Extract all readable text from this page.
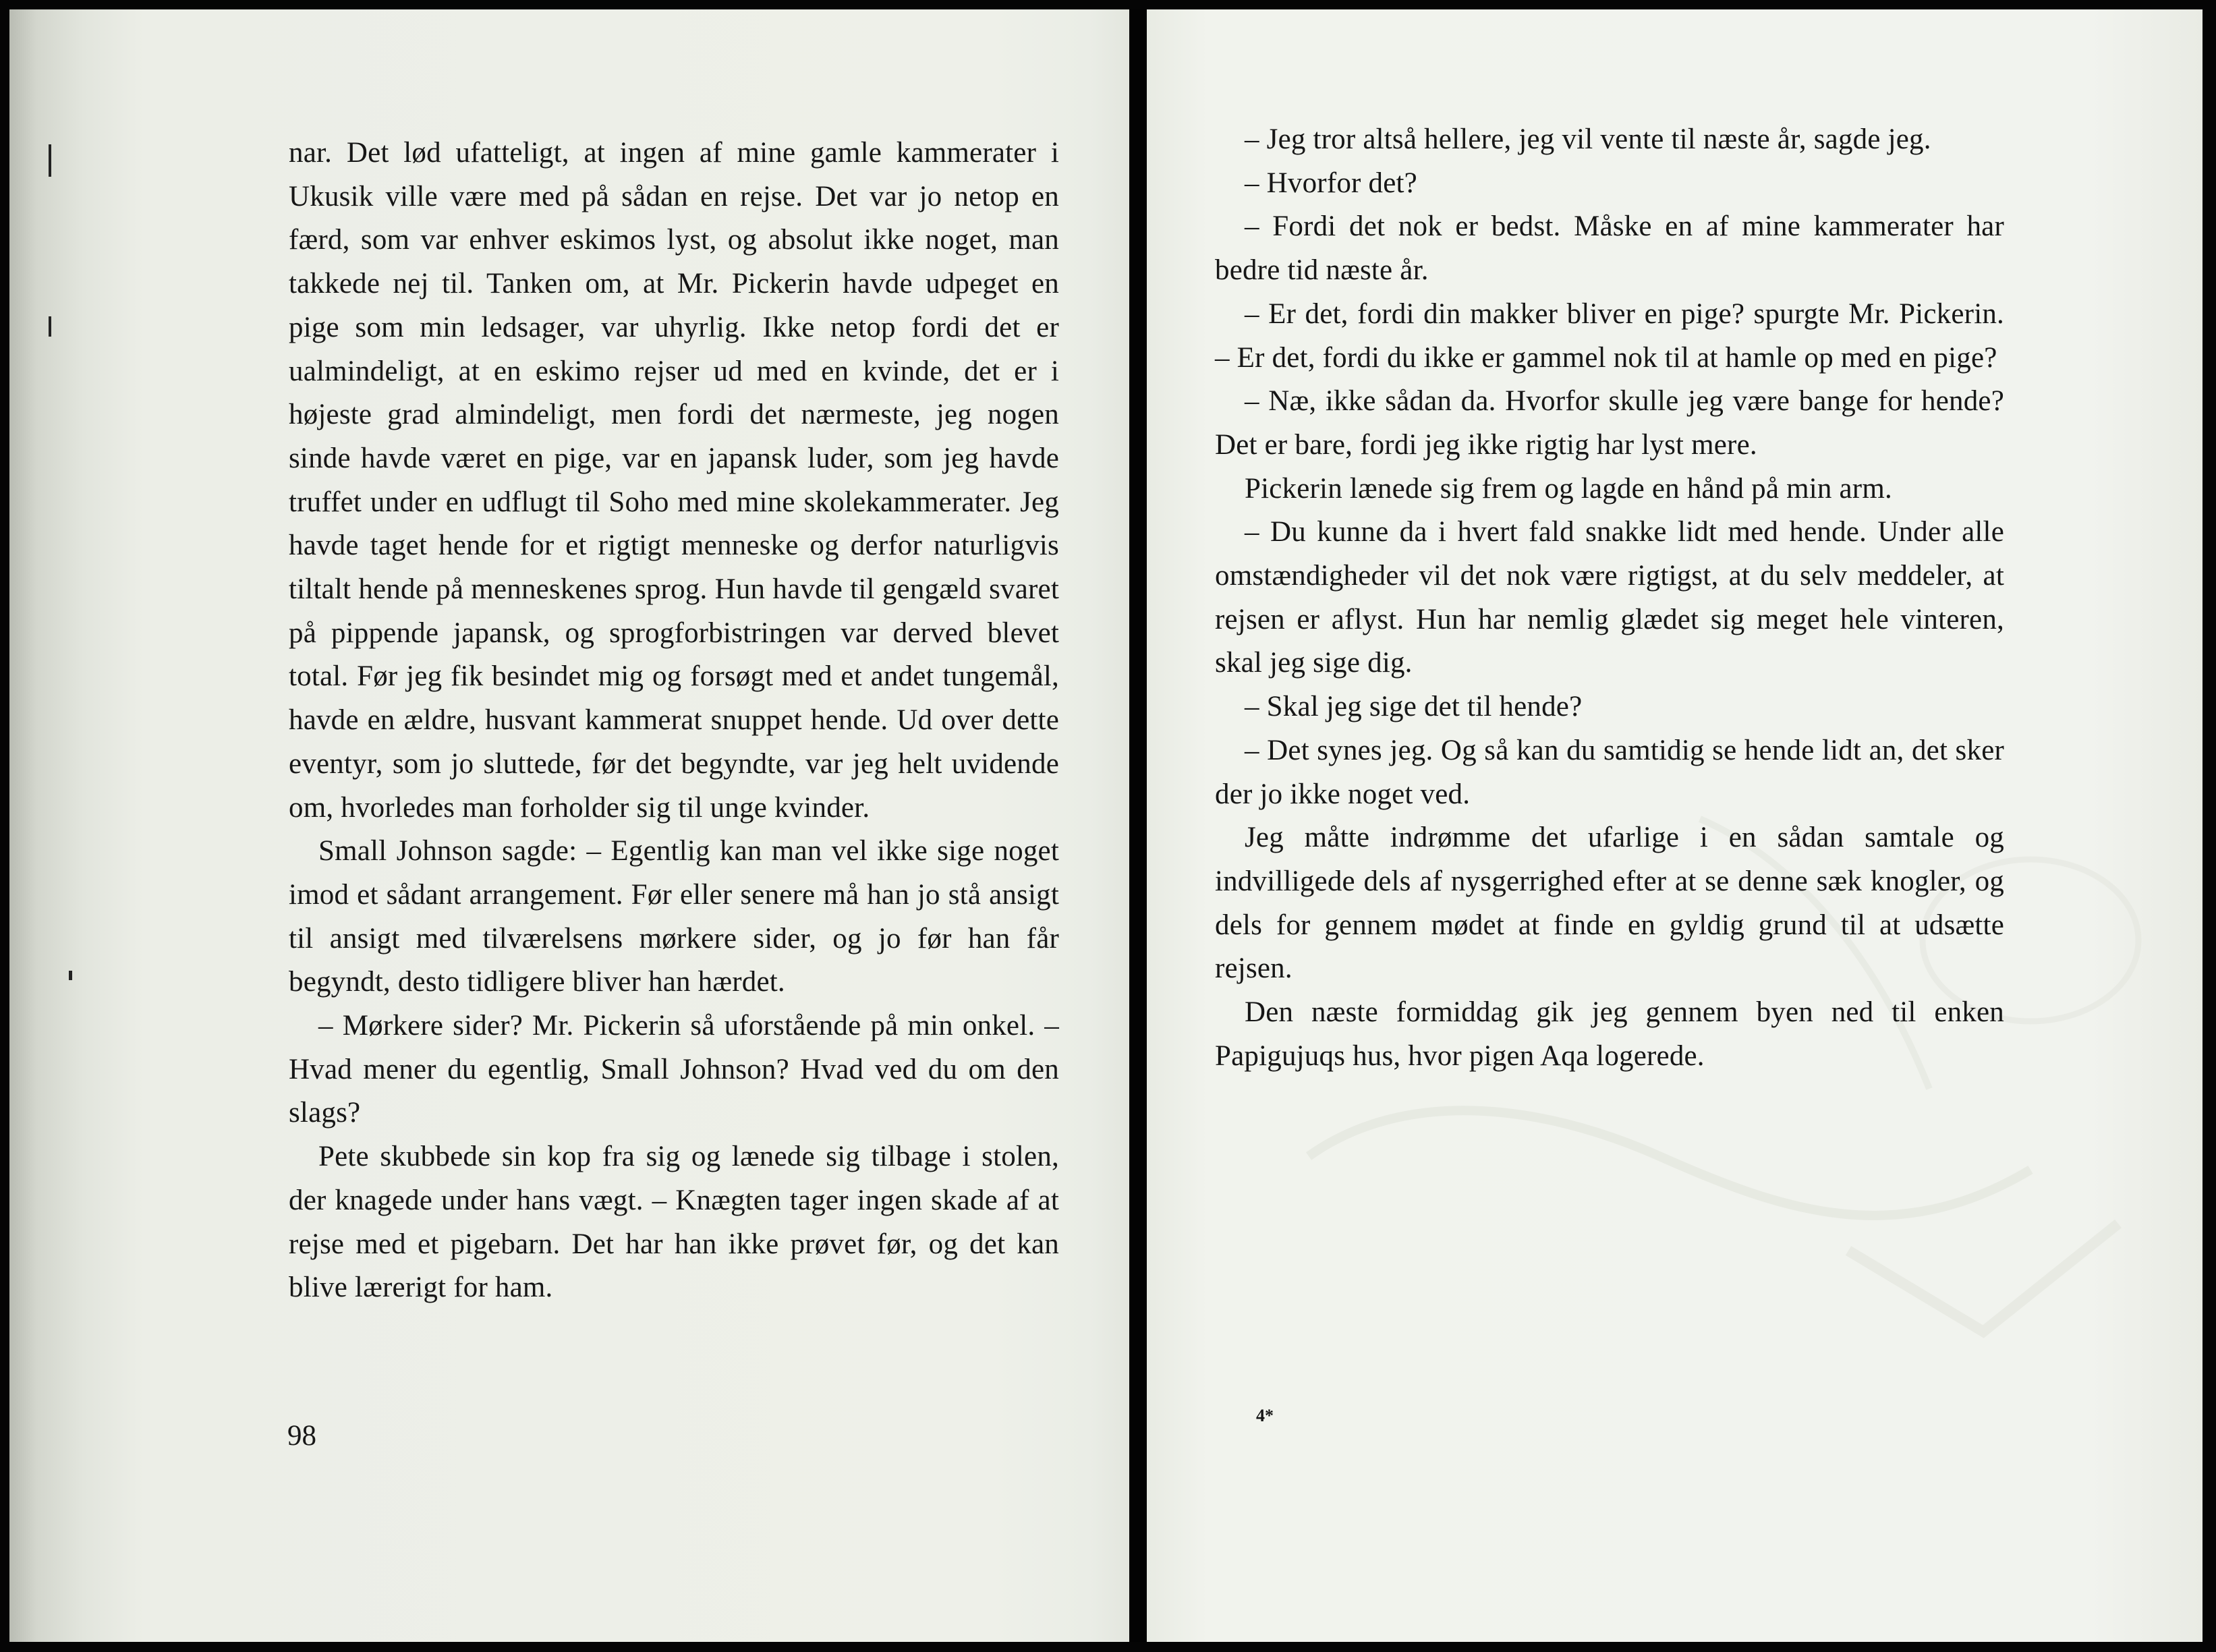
nar. Det lød ufatteligt, at ingen af mine gamle kammerater i Ukusik ville være med på sådan en rejse. Det var jo netop en færd, som var enhver eskimos lyst, og absolut ikke noget, man takkede nej til. Tanken om, at Mr. Pickerin havde udpeget en pige som min ledsager, var uhyrlig. Ikke netop fordi det er ualmindeligt, at en eskimo rejser ud med en kvinde, det er i højeste grad almindeligt, men fordi det nærmeste, jeg nogen sinde havde været en pige, var en japansk luder, som jeg havde truffet under en udflugt til Soho med mine skolekammerater. Jeg havde taget hende for et rigtigt menneske og derfor naturligvis tiltalt hende på menneskenes sprog. Hun havde til gengæld svaret på pippende japansk, og sprogforbistringen var derved blevet total. Før jeg fik besindet mig og forsøgt med et andet tungemål, havde en ældre, husvant kammerat snuppet hende. Ud over dette eventyr, som jo sluttede, før det begyndte, var jeg helt uvidende om, hvorledes man forholder sig til unge kvinder.

Small Johnson sagde: – Egentlig kan man vel ikke sige noget imod et sådant arrangement. Før eller senere må han jo stå ansigt til ansigt med tilværelsens mørkere sider, og jo før han får begyndt, desto tidligere bliver han hærdet.

– Mørkere sider? Mr. Pickerin så uforstående på min onkel. – Hvad mener du egentlig, Small Johnson? Hvad ved du om den slags?

Pete skubbede sin kop fra sig og lænede sig tilbage i stolen, der knagede under hans vægt. – Knægten tager ingen skade af at rejse med et pigebarn. Det har han ikke prøvet før, og det kan blive lærerigt for ham.

98

– Jeg tror altså hellere, jeg vil vente til næste år, sagde jeg.

– Hvorfor det?

– Fordi det nok er bedst. Måske en af mine kammerater har bedre tid næste år.

– Er det, fordi din makker bliver en pige? spurgte Mr. Pickerin. – Er det, fordi du ikke er gammel nok til at hamle op med en pige?

– Næ, ikke sådan da. Hvorfor skulle jeg være bange for hende? Det er bare, fordi jeg ikke rigtig har lyst mere.

Pickerin lænede sig frem og lagde en hånd på min arm.

– Du kunne da i hvert fald snakke lidt med hende. Under alle omstændigheder vil det nok være rigtigst, at du selv meddeler, at rejsen er aflyst. Hun har nemlig glædet sig meget hele vinteren, skal jeg sige dig.

– Skal jeg sige det til hende?

– Det synes jeg. Og så kan du samtidig se hende lidt an, det sker der jo ikke noget ved.

Jeg måtte indrømme det ufarlige i en sådan samtale og indvilligede dels af nysgerrighed efter at se denne sæk knogler, og dels for gennem mødet at finde en gyldig grund til at udsætte rejsen.

Den næste formiddag gik jeg gennem byen ned til enken Papigujuqs hus, hvor pigen Aqa logerede.

4*
